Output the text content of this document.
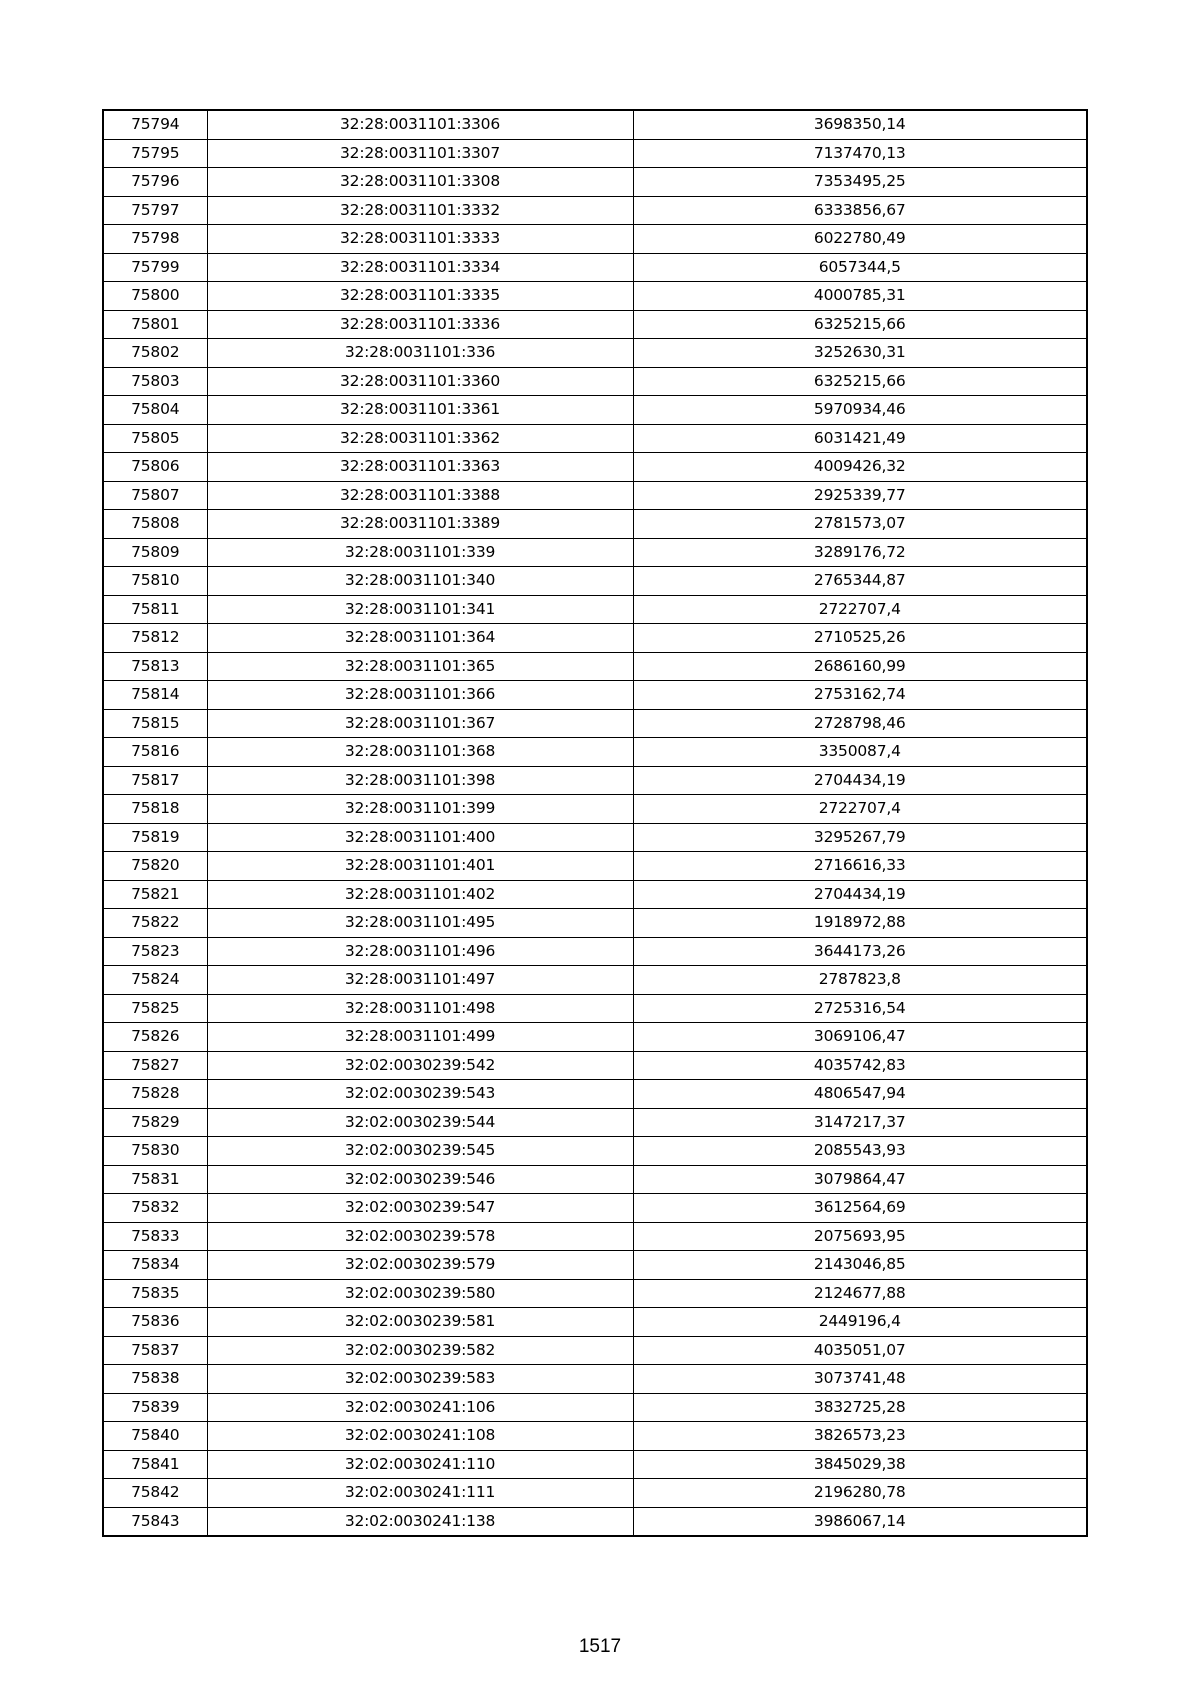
75794	32:28:0031101:3306	3698350,14
75795	32:28:0031101:3307	7137470,13
75796	32:28:0031101:3308	7353495,25
75797	32:28:0031101:3332	6333856,67
75798	32:28:0031101:3333	6022780,49
75799	32:28:0031101:3334	6057344,5
75800	32:28:0031101:3335	4000785,31
75801	32:28:0031101:3336	6325215,66
75802	32:28:0031101:336	3252630,31
75803	32:28:0031101:3360	6325215,66
75804	32:28:0031101:3361	5970934,46
75805	32:28:0031101:3362	6031421,49
75806	32:28:0031101:3363	4009426,32
75807	32:28:0031101:3388	2925339,77
75808	32:28:0031101:3389	2781573,07
75809	32:28:0031101:339	3289176,72
75810	32:28:0031101:340	2765344,87
75811	32:28:0031101:341	2722707,4
75812	32:28:0031101:364	2710525,26
75813	32:28:0031101:365	2686160,99
75814	32:28:0031101:366	2753162,74
75815	32:28:0031101:367	2728798,46
75816	32:28:0031101:368	3350087,4
75817	32:28:0031101:398	2704434,19
75818	32:28:0031101:399	2722707,4
75819	32:28:0031101:400	3295267,79
75820	32:28:0031101:401	2716616,33
75821	32:28:0031101:402	2704434,19
75822	32:28:0031101:495	1918972,88
75823	32:28:0031101:496	3644173,26
75824	32:28:0031101:497	2787823,8
75825	32:28:0031101:498	2725316,54
75826	32:28:0031101:499	3069106,47
75827	32:02:0030239:542	4035742,83
75828	32:02:0030239:543	4806547,94
75829	32:02:0030239:544	3147217,37
75830	32:02:0030239:545	2085543,93
75831	32:02:0030239:546	3079864,47
75832	32:02:0030239:547	3612564,69
75833	32:02:0030239:578	2075693,95
75834	32:02:0030239:579	2143046,85
75835	32:02:0030239:580	2124677,88
75836	32:02:0030239:581	2449196,4
75837	32:02:0030239:582	4035051,07
75838	32:02:0030239:583	3073741,48
75839	32:02:0030241:106	3832725,28
75840	32:02:0030241:108	3826573,23
75841	32:02:0030241:110	3845029,38
75842	32:02:0030241:111	2196280,78
75843	32:02:0030241:138	3986067,14
1517
